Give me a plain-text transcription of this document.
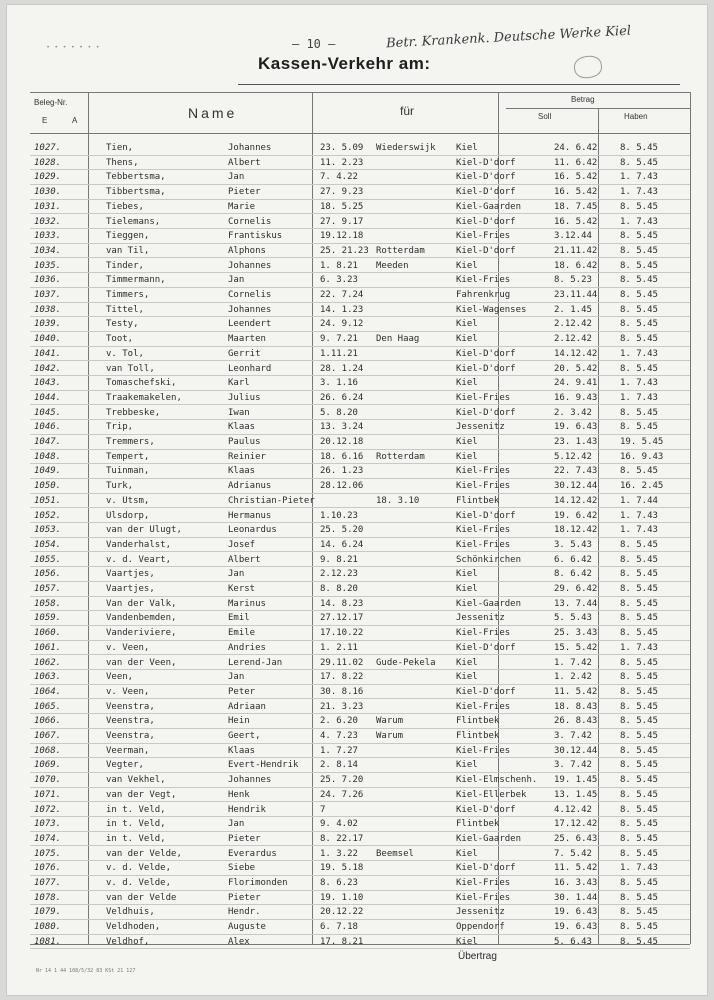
· · · · · · ·	– 10 –	Betr. Krankenk. Deutsche Werke Kiel
Kassen-Verkehr am:
Beleg-Nr.
E	A	Name	für
Betrag
Soll	Haben
1027.	Tien,	Johannes	23. 5.09	Wiederswijk	Kiel	24. 6.42	8. 5.45
1028.	Thens,	Albert	11. 2.23	Kiel-D'dorf	11. 6.42	8. 5.45
1029.	Tebbertsma,	Jan	7. 4.22	Kiel-D'dorf	16. 5.42	1. 7.43
1030.	Tibbertsma,	Pieter	27. 9.23	Kiel-D'dorf	16. 5.42	1. 7.43
1031.	Tiebes,	Marie	18. 5.25	Kiel-Gaarden	18. 7.45	8. 5.45
1032.	Tielemans,	Cornelis	27. 9.17	Kiel-D'dorf	16. 5.42	1. 7.43
1033.	Tieggen,	Frantiskus	19.12.18	Kiel-Fries	3.12.44	8. 5.45
1034.	van Til,	Alphons	25. 21.23 Rotterdam	Kiel-D'dorf	21.11.42	8. 5.45
1035.	Tinder,	Johannes	1. 8.21	Meeden	Kiel	18. 6.42	8. 5.45
1036.	Timmermann,	Jan	6. 3.23	Kiel-Fries	8. 5.23	8. 5.45
1037.	Timmers,	Cornelis	22. 7.24	Fahrenkrug	23.11.44	8. 5.45
1038.	Tittel,	Johannes	14. 1.23	Kiel-Wagenses	2. 1.45	8. 5.45
1039.	Testy,	Leendert	24. 9.12	Kiel	2.12.42	8. 5.45
1040.	Toot,	Maarten	9. 7.21	Den Haag	Kiel	2.12.42	8. 5.45
1041.	v. Tol,	Gerrit	1.11.21	Kiel-D'dorf	14.12.42	1. 7.43
1042.	van Toll,	Leonhard	28. 1.24	Kiel-D'dorf	20. 5.42	8. 5.45
1043.	Tomaschefski,	Karl	3. 1.16	Kiel	24. 9.41	1. 7.43
1044.	Traakemakelen,	Julius	26. 6.24	Kiel-Fries	16. 9.43	1. 7.43
1045.	Trebbeske,	Iwan	5. 8.20	Kiel-D'dorf	2. 3.42	8. 5.45
1046.	Trip,	Klaas	13. 3.24	Jessenitz	19. 6.43	8. 5.45
1047.	Tremmers,	Paulus	20.12.18	Kiel	23. 1.43	19. 5.45
1048.	Tempert,	Reinier	18. 6.16	Rotterdam	Kiel	5.12.42	16. 9.43
1049.	Tuinman,	Klaas	26. 1.23	Kiel-Fries	22. 7.43	8. 5.45
1050.	Turk,	Adrianus	28.12.06	Kiel-Fries	30.12.44	16. 2.45
1051.	v. Utsm,	Christian-Pieter	18. 3.10	Flintbek	14.12.42	1. 7.44
1052.	Ulsdorp,	Hermanus	1.10.23	Kiel-D'dorf	19. 6.42	1. 7.43
1053.	van der Ulugt,	Leonardus	25. 5.20	Kiel-Fries	18.12.42	1. 7.43
1054.	Vanderhalst,	Josef	14. 6.24	Kiel-Fries	3. 5.43	8. 5.45
1055.	v. d. Veart,	Albert	9. 8.21	Schönkirchen	6. 6.42	8. 5.45
1056.	Vaartjes,	Jan	2.12.23	Kiel	8. 6.42	8. 5.45
1057.	Vaartjes,	Kerst	8. 8.20	Kiel	29. 6.42	8. 5.45
1058.	Van der Valk,	Marinus	14. 8.23	Kiel-Gaarden	13. 7.44	8. 5.45
1059.	Vandenbemden,	Emil	27.12.17	Jessenitz	5. 5.43	8. 5.45
1060.	Vanderiviere,	Emile	17.10.22	Kiel-Fries	25. 3.43	8. 5.45
1061.	v. Veen,	Andries	1. 2.11	Kiel-D'dorf	15. 5.42	1. 7.43
1062.	van der Veen,	Lerend-Jan	29.11.02	Gude-Pekela	Kiel	1. 7.42	8. 5.45
1063.	Veen,	Jan	17. 8.22	Kiel	1. 2.42	8. 5.45
1064.	v. Veen,	Peter	30. 8.16	Kiel-D'dorf	11. 5.42	8. 5.45
1065.	Veenstra,	Adriaan	21. 3.23	Kiel-Fries	18. 8.43	8. 5.45
1066.	Veenstra,	Hein	2. 6.20	Warum	Flintbek	26. 8.43	8. 5.45
1067.	Veenstra,	Geert,	4. 7.23	Warum	Flintbek	3. 7.42	8. 5.45
1068.	Veerman,	Klaas	1. 7.27	Kiel-Fries	30.12.44	8. 5.45
1069.	Vegter,	Evert-Hendrik	2. 8.14	Kiel	3. 7.42	8. 5.45
1070.	van Vekhel,	Johannes	25. 7.20	Kiel-Elmschenh.	19. 1.45	8. 5.45
1071.	van der Vegt,	Henk	24. 7.26	Kiel-Ellerbek	13. 1.45	8. 5.45
1072.	in t. Veld,	Hendrik	7	Kiel-D'dorf	4.12.42	8. 5.45
1073.	in t. Veld,	Jan	9. 4.02	Flintbek	17.12.42	8. 5.45
1074.	in t. Veld,	Pieter	8. 22.17	Kiel-Gaarden	25. 6.43	8. 5.45
1075.	van der Velde,	Everardus	1. 3.22	Beemsel	Kiel	7. 5.42	8. 5.45
1076.	v. d. Velde,	Siebe	19. 5.18	Kiel-D'dorf	11. 5.42	1. 7.43
1077.	v. d. Velde,	Florimonden	8. 6.23	Kiel-Fries	16. 3.43	8. 5.45
1078.	van der Velde	Pieter	19. 1.10	Kiel-Fries	30. 1.44	8. 5.45
1079.	Veldhuis,	Hendr.	20.12.22	Jessenitz	19. 6.43	8. 5.45
1080.	Veldhoden,	Auguste	6. 7.18	Oppendorf	19. 6.43	8. 5.45
1081.	Veldhof,	Alex	17. 8.21	Kiel	5. 6.43	8. 5.45
Übertrag
Nr 14 1 44 108/5/32 83 KSt 21 127
